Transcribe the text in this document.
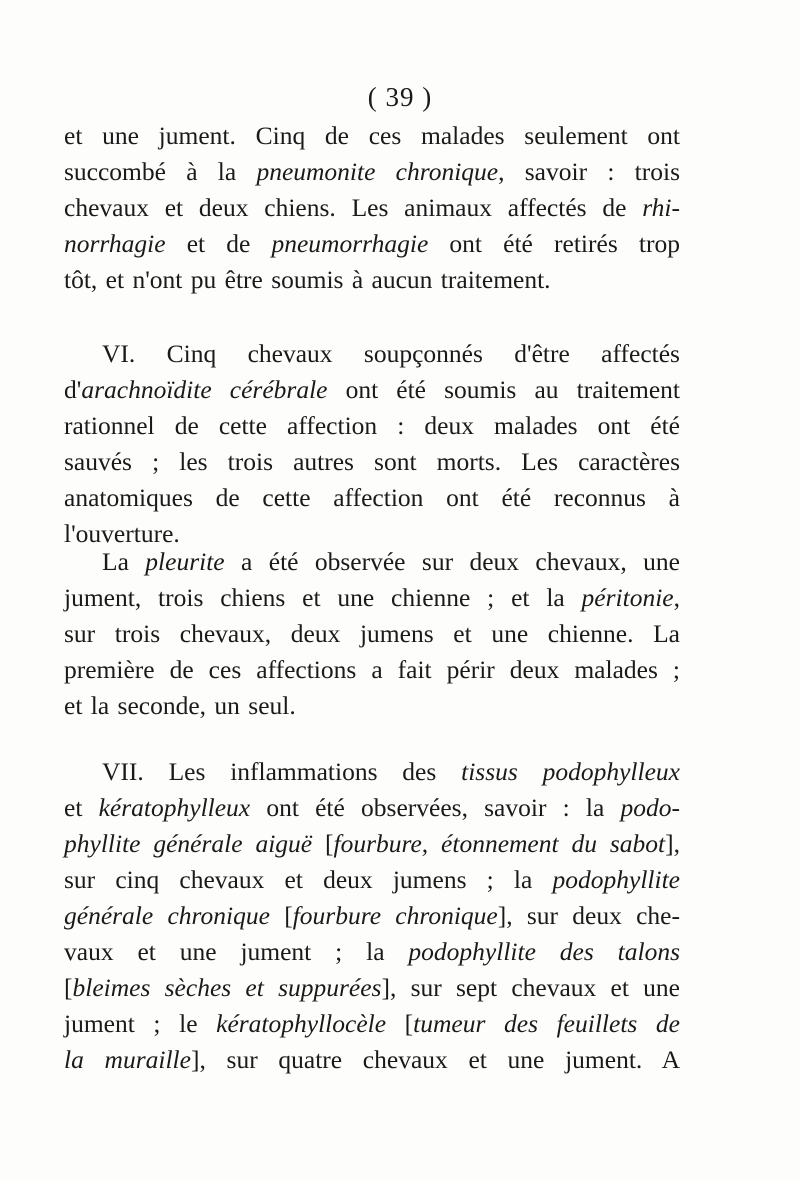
( 39 )
et une jument. Cinq de ces malades seulement ont
succombé à la pneumonite chronique, savoir : trois
chevaux et deux chiens. Les animaux affectés de rhi-
norrhagie et de pneumorrhagie ont été retirés trop
tôt, et n'ont pu être soumis à aucun traitement.
VI. Cinq chevaux soupçonnés d'être affectés
d'arachnoïdite cérébrale ont été soumis au traitement
rationnel de cette affection : deux malades ont été
sauvés ; les trois autres sont morts. Les caractères
anatomiques de cette affection ont été reconnus à
l'ouverture.
La pleurite a été observée sur deux chevaux, une
jument, trois chiens et une chienne ; et la péritonie,
sur trois chevaux, deux jumens et une chienne. La
première de ces affections a fait périr deux malades ;
et la seconde, un seul.
VII. Les inflammations des tissus podophylleux
et kératophylleux ont été observées, savoir : la podo-
phyllite générale aiguë [fourbure, étonnement du sabot],
sur cinq chevaux et deux jumens ; la podophyllite
générale chronique [fourbure chronique], sur deux che-
vaux et une jument ; la podophyllite des talons
[bleimes sèches et suppurées], sur sept chevaux et une
jument ; le kératophyllocèle [tumeur des feuillets de
la muraille], sur quatre chevaux et une jument. A
